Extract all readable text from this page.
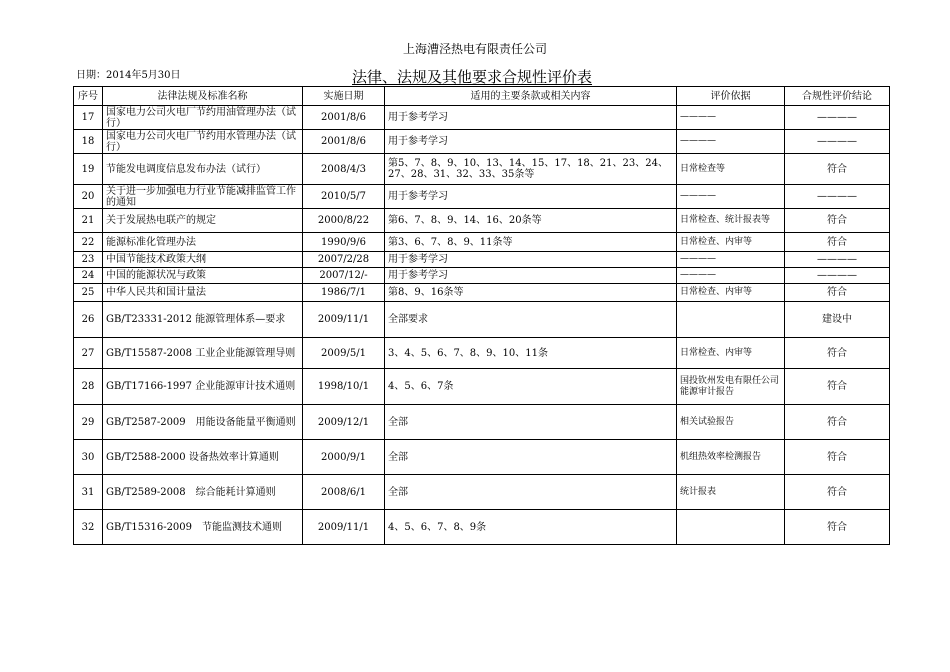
上海漕泾热电有限责任公司
日期：2014年5月30日	法律、法规及其他要求合规性评价表
序号	法律法规及标准名称	实施日期	适用的主要条款或相关内容	评价依据	合规性评价结论
17	国家电力公司火电厂节约用油管理办法（试行）	2001/8/6	用于参考学习	————	————
18	国家电力公司火电厂节约用水管理办法（试行）	2001/8/6	用于参考学习	————	————
19	节能发电调度信息发布办法（试行）	2008/4/3	第5、7、8、9、10、13、14、15、17、18、21、23、24、27、28、31、32、33、35条等	日常检查等	符合
20	关于进一步加强电力行业节能减排监管工作的通知	2010/5/7	用于参考学习	————	————
21	关于发展热电联产的规定	2000/8/22	第6、7、8、9、14、16、20条等	日常检查、统计报表等	符合
22	能源标准化管理办法	1990/9/6	第3、6、7、8、9、11条等	日常检查、内审等	符合
23	中国节能技术政策大纲	2007/2/28	用于参考学习	————	————
24	中国的能源状况与政策	2007/12/-	用于参考学习	————	————
25	中华人民共和国计量法	1986/7/1	第8、9、16条等	日常检查、内审等	符合
26	GB/T23331-2012 能源管理体系—要求	2009/11/1	全部要求		建设中
27	GB/T15587-2008 工业企业能源管理导则	2009/5/1	3、4、5、6、7、8、9、10、11条	日常检查、内审等	符合
28	GB/T17166-1997 企业能源审计技术通则	1998/10/1	4、5、6、7条	国投钦州发电有限任公司能源审计报告	符合
29	GB/T2587-2009　用能设备能量平衡通则	2009/12/1	全部	相关试验报告	符合
30	GB/T2588-2000 设备热效率计算通则	2000/9/1	全部	机组热效率检测报告	符合
31	GB/T2589-2008　综合能耗计算通则	2008/6/1	全部	统计报表	符合
32	GB/T15316-2009　节能监测技术通则	2009/11/1	4、5、6、7、8、9条		符合
